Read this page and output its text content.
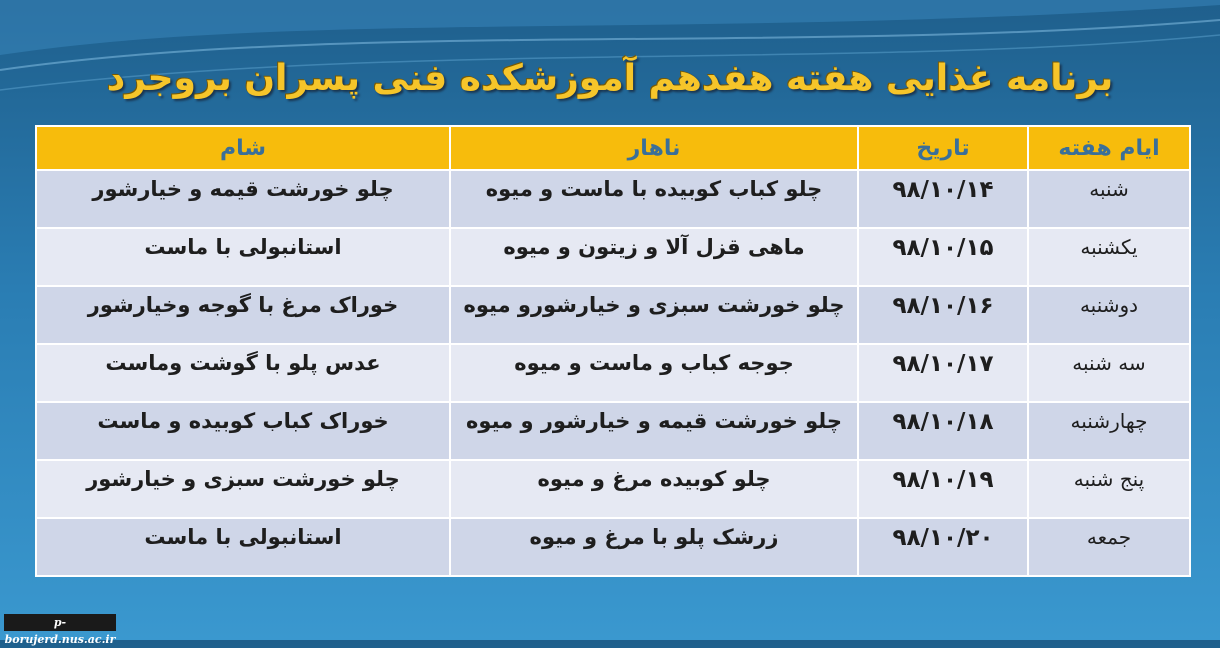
برنامه غذایی هفته هفدهم آموزشکده فنی پسران بروجرد
ایام هفته	تاریخ	ناهار	شام
شنبه	۹۸/۱۰/۱۴	چلو کباب کوبیده با ماست و میوه	چلو خورشت قیمه و خیارشور
یکشنبه	۹۸/۱۰/۱۵	ماهی قزل آلا و زیتون و میوه	استانبولی با ماست
دوشنبه	۹۸/۱۰/۱۶	چلو خورشت سبزی و خیارشورو میوه	خوراک مرغ با گوجه وخیارشور
سه شنبه	۹۸/۱۰/۱۷	جوجه کباب و ماست و میوه	عدس پلو با گوشت وماست
چهارشنبه	۹۸/۱۰/۱۸	چلو خورشت قیمه و خیارشور و میوه	خوراک کباب کوبیده و ماست
پنج شنبه	۹۸/۱۰/۱۹	چلو کوبیده مرغ و میوه	چلو خورشت سبزی و خیارشور
جمعه	۹۸/۱۰/۲۰	زرشک پلو با مرغ و میوه	استانبولی با ماست
p-borujerd.nus.ac.ir
